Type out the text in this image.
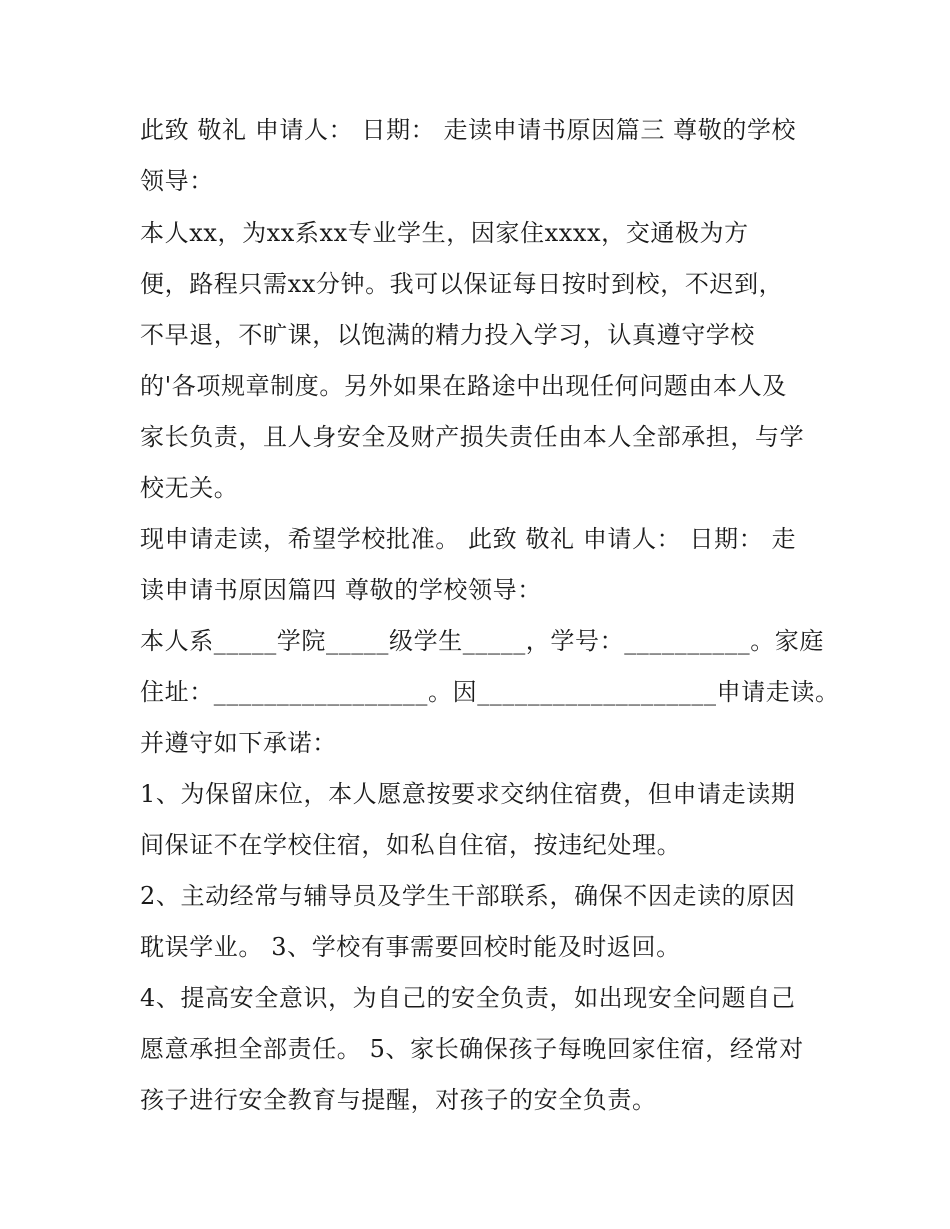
此致 敬礼 申请人： 日期： 走读申请书原因篇三 尊敬的学校
领导：
本人xx，为xx系xx专业学生，因家住xxxx，交通极为方
便，路程只需xx分钟。我可以保证每日按时到校，不迟到，
不早退，不旷课，以饱满的精力投入学习，认真遵守学校
的'各项规章制度。另外如果在路途中出现任何问题由本人及
家长负责，且人身安全及财产损失责任由本人全部承担，与学
校无关。
现申请走读，希望学校批准。 此致 敬礼 申请人： 日期： 走
读申请书原因篇四 尊敬的学校领导：
本人系_____学院_____级学生_____，学号：__________。家庭
住址：_________________。因___________________申请走读。
并遵守如下承诺：
1、为保留床位，本人愿意按要求交纳住宿费，但申请走读期
间保证不在学校住宿，如私自住宿，按违纪处理。
2、主动经常与辅导员及学生干部联系，确保不因走读的原因
耽误学业。 3、学校有事需要回校时能及时返回。
4、提高安全意识，为自己的安全负责，如出现安全问题自己
愿意承担全部责任。 5、家长确保孩子每晚回家住宿，经常对
孩子进行安全教育与提醒，对孩子的安全负责。
